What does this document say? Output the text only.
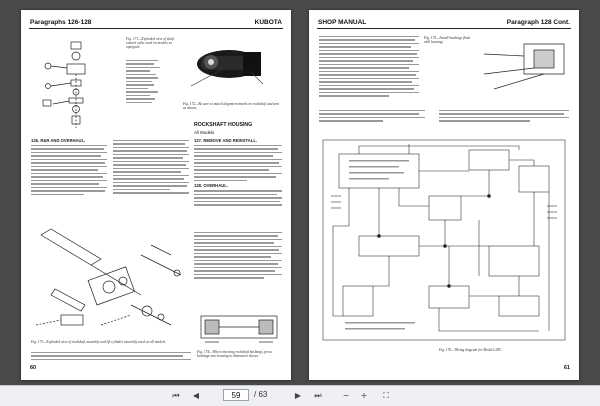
Paragraphs 126-128	KUBOTA
Fig. 171—Exploded view of shaft control valve used on models so equipped.
Fig. 172—Be sure to match alignment marks on rockshaft and arm as shown.
126. R&R AND OVERHAUL.
ROCKSHAFT HOUSING
All Models
127. REMOVE AND REINSTALL.
128. OVERHAUL.
Fig. 173—Exploded view of rockshaft assembly and lift cylinder assembly used on all models.
Fig. 174—When renewing rockshaft bushings, press bushings into housing to dimension shown.
60
SHOP MANUAL	Paragraph 128 Cont.
Fig. 175—Install bushings flush with housing.
Fig. 176—Wiring diagram for Model L285.
61
⏮	◀
59	/ 63	▶	⏭	−	+	⛶
